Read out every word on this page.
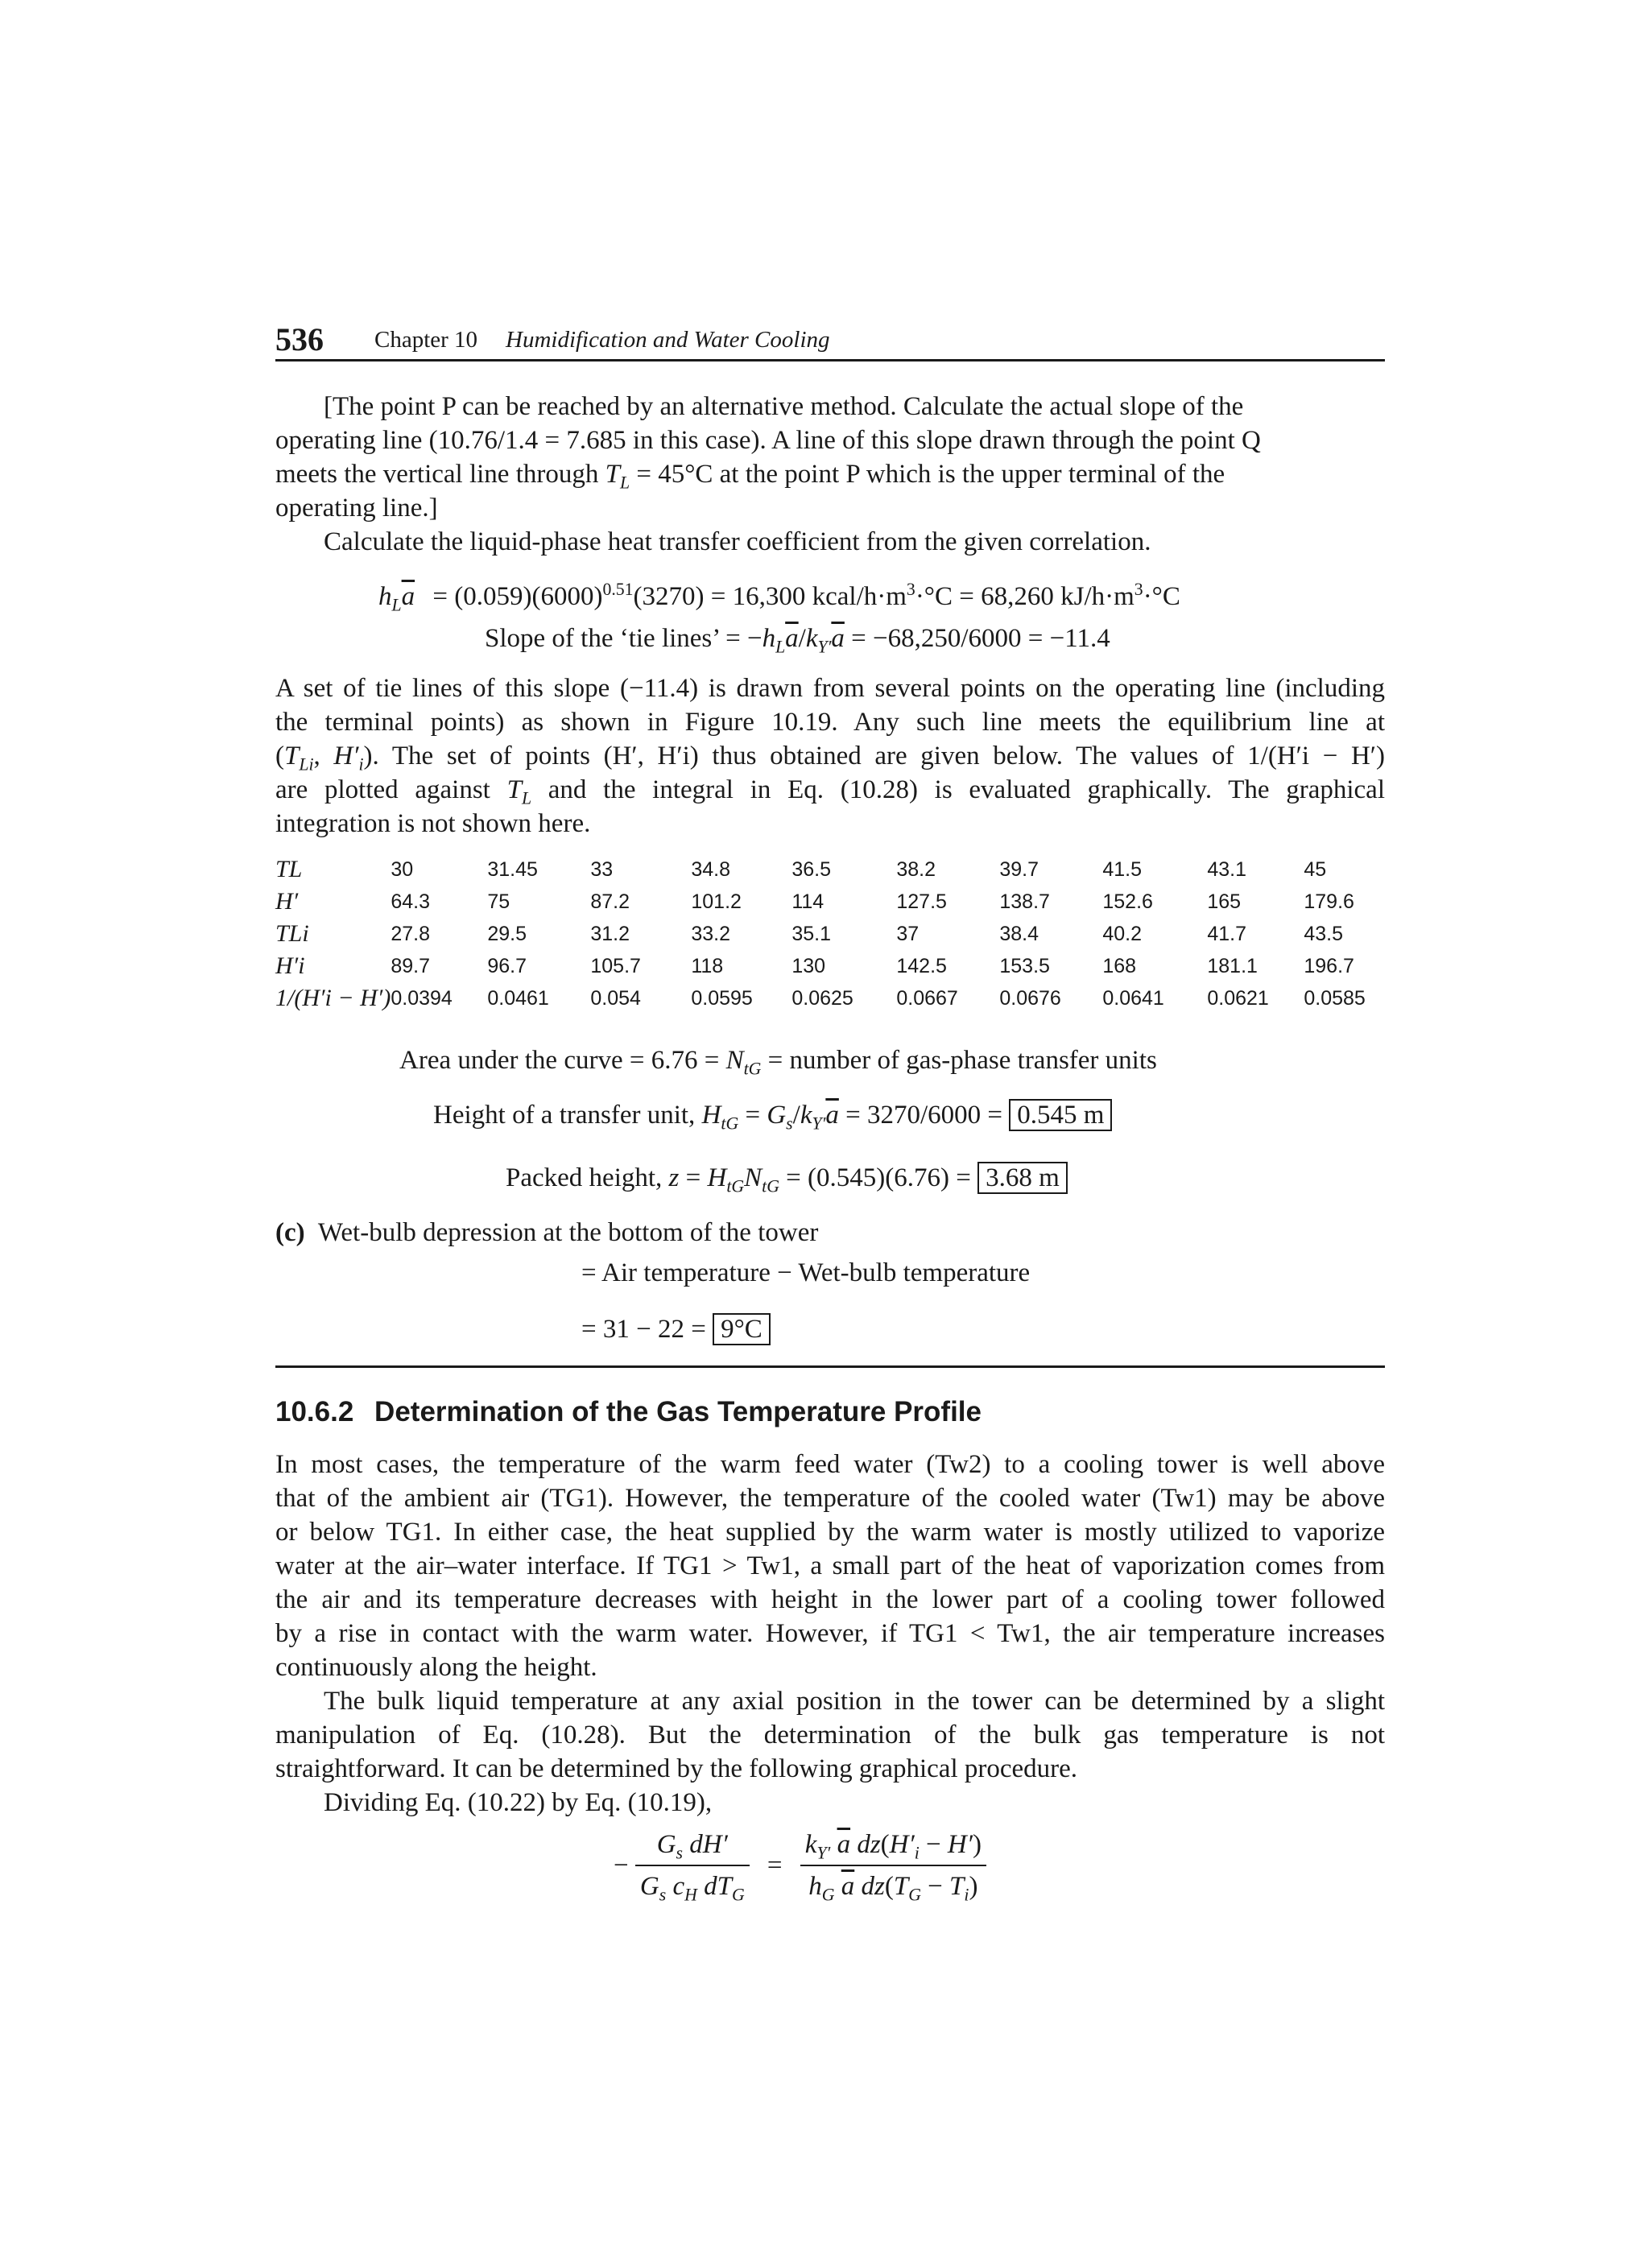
536 Chapter 10 Humidification and Water Cooling
[The point P can be reached by an alternative method. Calculate the actual slope of the
operating line (10.76/1.4 = 7.685 in this case). A line of this slope drawn through the point Q
meets the vertical line through $T_L = 45^\circ C$ at the point P which is the upper terminal of the
operating line.]
Calculate the liquid-phase heat transfer coefficient from the given correlation.
$h_L\overline{a} = (0.059)(6000)^{0.51}(3270) = 16,300$ kcal/$h\cdot m^3\cdot^\circ C = 68,260$ $kJ/h\cdot m^3\cdot^\circ C$
Slope of the ‘tie lines’ = $-h_L\overline{a}/k_{Y'}\overline{a} = -68,250/6000 = -11.4$

A set of tie lines of this slope (−11.4) is drawn from several points on the operating line (including

the terminal points) as shown in Figure 10.19. Any such line meets the equilibrium line at

($T_{Li}$, $H'_i$). The set of points (H′, H′i) thus obtained are given below. The values of 1/(H′i − H′)

are plotted against $T_L$ and the integral in Eq. (10.28) is evaluated graphically. The graphical

integration is not shown here.

TL	30	31.45	33	34.8	36.5	38.2	39.7	41.5	43.1	45
H′	64.3	75	87.2	101.2	114	127.5	138.7	152.6	165	179.6
TLi	27.8	29.5	31.2	33.2	35.1	37	38.4	40.2	41.7	43.5
H′i	89.7	96.7	105.7	118	130	142.5	153.5	168	181.1	196.7
1/(H′i − H′)	0.0394	0.0461	0.054	0.0595	0.0625	0.0667	0.0676	0.0641	0.0621	0.0585
Area under the curve = $6.76 = N_{tG}$ = number of gas-phase transfer units
Height of a transfer unit, $H_{tG} = G_s/k_{Y'}\overline{a} = 3270/6000 = 0.545$ m
Packed height, $z = H_{tG}N_{tG} = (0.545)(6.76) = 3.68$ m
(c) Wet-bulb depression at the bottom of the tower
= Air temperature − Wet-bulb temperature
= 31 − 22 = 9°C
10.6.2 Determination of the Gas Temperature Profile

In most cases, the temperature of the warm feed water (Tw2) to a cooling tower is well above

that of the ambient air (TG1). However, the temperature of the cooled water (Tw1) may be above

or below TG1. In either case, the heat supplied by the warm water is mostly utilized to vaporize

water at the air–water interface. If TG1 > Tw1, a small part of the heat of vaporization comes from

the air and its temperature decreases with height in the lower part of a cooling tower followed

by a rise in contact with the warm water. However, if TG1 < Tw1, the air temperature increases

continuously along the height.

The bulk liquid temperature at any axial position in the tower can be determined by a slight

manipulation of Eq. (10.28). But the determination of the bulk gas temperature is not

straightforward. It can be determined by the following graphical procedure.

Dividing Eq. (10.22) by Eq. (10.19),

− $\frac{G_s dH'}{G_s c_H dT_G} = \frac{k_{Y'} \overline{a} dz(H'_i - H')}{h_G \overline{a} dz(T_G - T_i)}$
